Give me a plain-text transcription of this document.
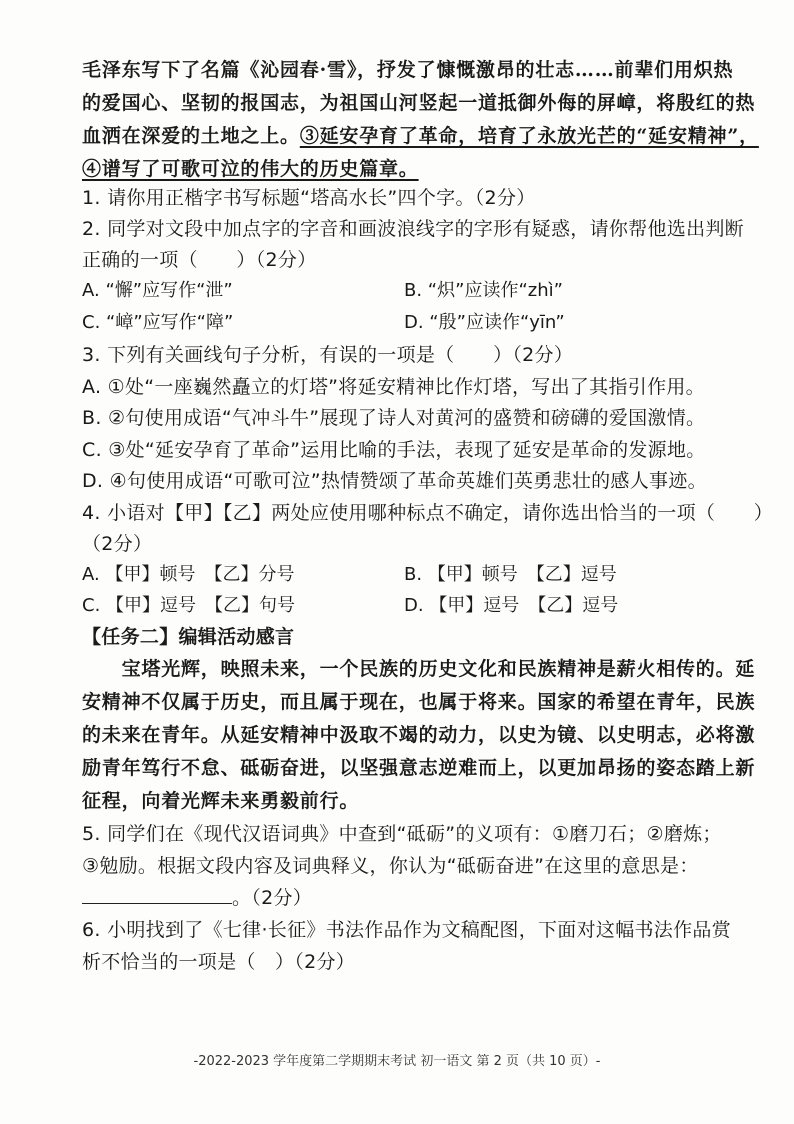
毛泽东写下了名篇《沁园春·雪》，抒发了慷慨激昂的壮志……前辈们用炽热
的爱国心、坚韧的报国志，为祖国山河竖起一道抵御外侮的屏嶂，将殷红的热
血洒在深爱的土地之上。③延安孕育了革命，培育了永放光芒的“延安精神”，
④谱写了可歌可泣的伟大的历史篇章。
1. 请你用正楷字书写标题“塔高水长”四个字。（2分）
2. 同学对文段中加点字的字音和画波浪线字的字形有疑惑，请你帮他选出判断
正确的一项（　　）（2分）
A. “懈”应写作“泄”	B. “炽”应读作“zhì”
C. “嶂”应写作“障”	D. “殷”应读作“yīn”
3. 下列有关画线句子分析，有误的一项是（　　）（2分）
A. ①处“一座巍然矗立的灯塔”将延安精神比作灯塔，写出了其指引作用。
B. ②句使用成语“气冲斗牛”展现了诗人对黄河的盛赞和磅礴的爱国激情。
C. ③处“延安孕育了革命”运用比喻的手法，表现了延安是革命的发源地。
D. ④句使用成语“可歌可泣”热情赞颂了革命英雄们英勇悲壮的感人事迹。
4. 小语对【甲】【乙】两处应使用哪种标点不确定，请你选出恰当的一项（　　）
（2分）
A. 【甲】顿号　【乙】分号	B. 【甲】顿号　【乙】逗号
C. 【甲】逗号　【乙】句号	D. 【甲】逗号　【乙】逗号
【任务二】编辑活动感言
　　宝塔光辉，映照未来，一个民族的历史文化和民族精神是薪火相传的。延
安精神不仅属于历史，而且属于现在，也属于将来。国家的希望在青年，民族
的未来在青年。从延安精神中汲取不竭的动力，以史为镜、以史明志，必将激
励青年笃行不怠、砥砺奋进，以坚强意志逆难而上，以更加昂扬的姿态踏上新
征程，向着光辉未来勇毅前行。
5. 同学们在《现代汉语词典》中查到“砥砺”的义项有：①磨刀石；②磨炼；
③勉励。根据文段内容及词典释义，你认为“砥砺奋进”在这里的意思是：
。（2分）
6. 小明找到了《七律·长征》书法作品作为文稿配图，下面对这幅书法作品赏
析不恰当的一项是（　）（2分）
-2022-2023 学年度第二学期期末考试 初一语文 第 2 页（共 10 页）-
